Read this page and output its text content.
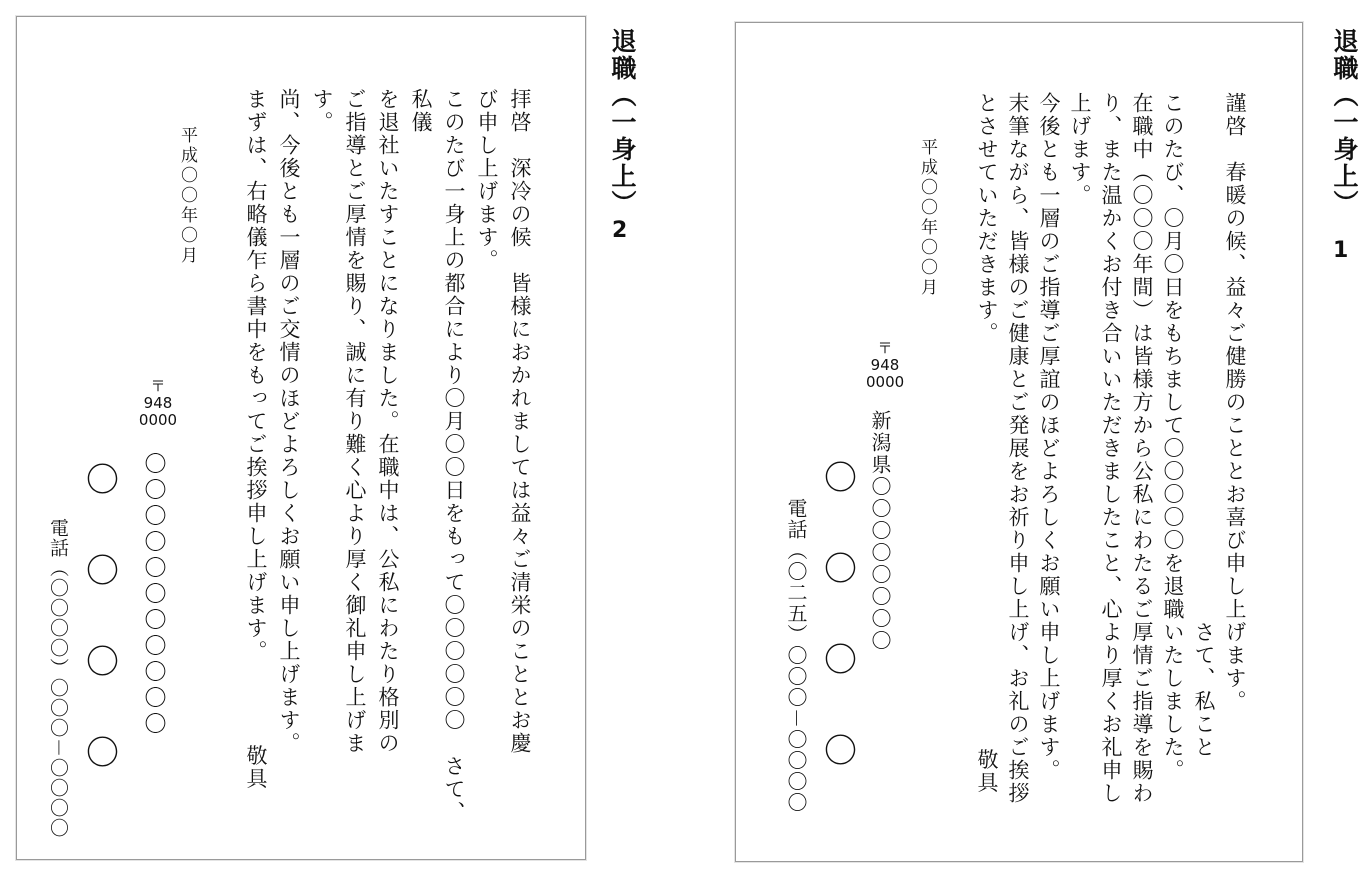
拝啓　深冷の候　皆様におかれましては益々ご清栄のこととお慶
び申し上げます。
このたび一身上の都合により〇月〇〇日をもって〇〇〇〇〇〇　さて、私儀
を退社いたすことになりました。在職中は、公私にわたり格別の
ご指導とご厚情を賜り、誠に有り難く心より厚く御礼申し上げま
す。
尚、今後とも一層のご交情のほどよろしくお願い申し上げます。
まずは、右略儀乍ら書中をもってご挨拶申し上げます。　　　　敬具
平成〇〇年〇月
〒
948
0000
〇〇〇〇〇〇〇〇〇〇〇
〇〇〇〇
電話（〇〇〇〇）〇〇〇－〇〇〇〇
退職（一身上）
2
謹啓　春暖の候、益々ご健勝のこととお喜び申し上げます。
　　　　　　　　　　　　　　　　　　　　　　　さて、私こと
このたび、〇月〇日をもちまして〇〇〇〇〇を退職いたしました。
在職中（〇〇〇年間）は皆様方から公私にわたるご厚情ご指導を賜わ
り、また温かくお付き合いいただきましたこと、心より厚くお礼申し
上げます。
今後とも一層のご指導ご厚誼のほどよろしくお願い申し上げます。
末筆ながら、皆様のご健康とご発展をお祈り申し上げ、お礼のご挨拶
とさせていただきます。　　　　　　　　　　　　　　　　　　敬具
平成〇〇年〇〇月
〒
948
0000
新潟県〇〇〇〇〇〇〇〇
〇〇〇〇
電話（〇二五）〇〇〇－〇〇〇〇
退職（一身上）
1
